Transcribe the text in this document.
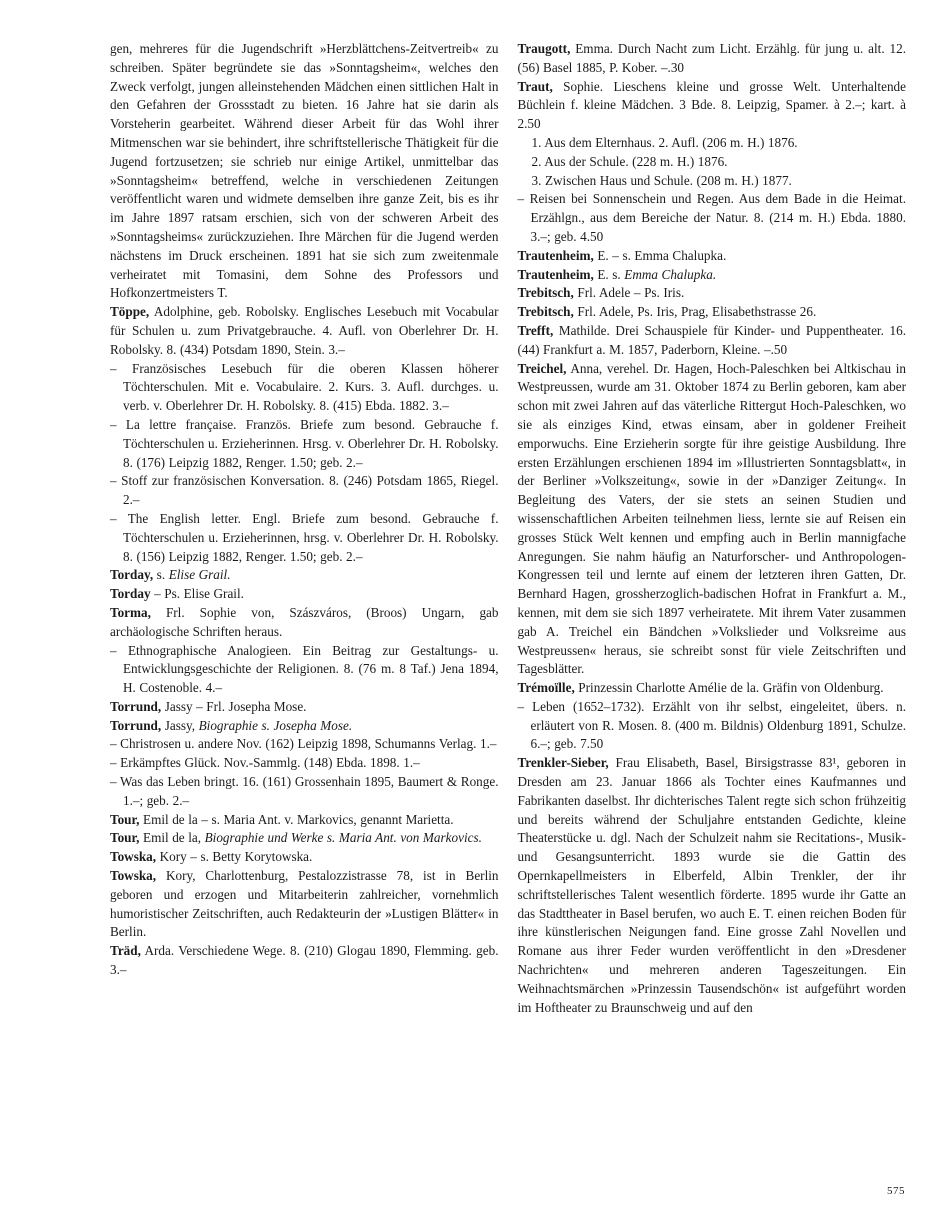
gen, mehreres für die Jugendschrift »Herzblättchens-Zeitvertreib« zu schreiben. Später begründete sie das »Sonntagsheim«, welches den Zweck verfolgt, jungen alleinstehenden Mädchen einen sittlichen Halt in den Gefahren der Grossstadt zu bieten. 16 Jahre hat sie darin als Vorsteherin gearbeitet. Während dieser Arbeit für das Wohl ihrer Mitmenschen war sie behindert, ihre schriftstellerische Thätigkeit für die Jugend fortzusetzen; sie schrieb nur einige Artikel, unmittelbar das »Sonntagsheim« betreffend, welche in verschiedenen Zeitungen veröffentlicht waren und widmete demselben ihre ganze Zeit, bis es ihr im Jahre 1897 ratsam erschien, sich von der schweren Arbeit des »Sonntagsheims« zurückzuziehen. Ihre Märchen für die Jugend werden nächstens im Druck erscheinen. 1891 hat sie sich zum zweitenmale verheiratet mit Tomasini, dem Sohne des Professors und Hofkonzertmeisters T.

Töppe, Adolphine, geb. Robolsky. Englisches Lesebuch mit Vocabular für Schulen u. zum Privatgebrauche. 4. Aufl. von Oberlehrer Dr. H. Robolsky. 8. (434) Potsdam 1890, Stein. 3.–

– Französisches Lesebuch für die oberen Klassen höherer Töchterschulen. Mit e. Vocabulaire. 2. Kurs. 3. Aufl. durchges. u. verb. v. Oberlehrer Dr. H. Robolsky. 8. (415) Ebda. 1882. 3.–

– La lettre française. Französ. Briefe zum besond. Gebrauche f. Töchterschulen u. Erzieherinnen. Hrsg. v. Oberlehrer Dr. H. Robolsky. 8. (176) Leipzig 1882, Renger. 1.50; geb. 2.–

– Stoff zur französischen Konversation. 8. (246) Potsdam 1865, Riegel. 2.–

– The English letter. Engl. Briefe zum besond. Gebrauche f. Töchterschulen u. Erzieherinnen, hrsg. v. Oberlehrer Dr. H. Robolsky. 8. (156) Leipzig 1882, Renger. 1.50; geb. 2.–

Torday, s. Elise Grail.

Torday – Ps. Elise Grail.

Torma, Frl. Sophie von, Szászváros, (Broos) Ungarn, gab archäologische Schriften heraus.

– Ethnographische Analogieen. Ein Beitrag zur Gestaltungs- u. Entwicklungsgeschichte der Religionen. 8. (76 m. 8 Taf.) Jena 1894, H. Costenoble. 4.–

Torrund, Jassy – Frl. Josepha Mose.

Torrund, Jassy, Biographie s. Josepha Mose.

– Christrosen u. andere Nov. (162) Leipzig 1898, Schumanns Verlag. 1.–

– Erkämpftes Glück. Nov.-Sammlg. (148) Ebda. 1898. 1.–

– Was das Leben bringt. 16. (161) Grossenhain 1895, Baumert & Ronge. 1.–; geb. 2.–

Tour, Emil de la – s. Maria Ant. v. Markovics, genannt Marietta.

Tour, Emil de la, Biographie und Werke s. Maria Ant. von Markovics.

Towska, Kory – s. Betty Korytowska.

Towska, Kory, Charlottenburg, Pestalozzistrasse 78, ist in Berlin geboren und erzogen und Mitarbeiterin zahlreicher, vornehmlich humoristischer Zeitschriften, auch Redakteurin der »Lustigen Blätter« in Berlin.

Träd, Arda. Verschiedene Wege. 8. (210) Glogau 1890, Flemming. geb. 3.–

Traugott, Emma. Durch Nacht zum Licht. Erzählg. für jung u. alt. 12. (56) Basel 1885, P. Kober. –.30

Traut, Sophie. Lieschens kleine und grosse Welt. Unterhaltende Büchlein f. kleine Mädchen. 3 Bde. 8. Leipzig, Spamer. à 2.–; kart. à 2.50

1. Aus dem Elternhaus. 2. Aufl. (206 m. H.) 1876.

2. Aus der Schule. (228 m. H.) 1876.

3. Zwischen Haus und Schule. (208 m. H.) 1877.

– Reisen bei Sonnenschein und Regen. Aus dem Bade in die Heimat. Erzählgn., aus dem Bereiche der Natur. 8. (214 m. H.) Ebda. 1880. 3.–; geb. 4.50

Trautenheim, E. – s. Emma Chalupka.

Trautenheim, E. s. Emma Chalupka.

Trebitsch, Frl. Adele – Ps. Iris.

Trebitsch, Frl. Adele, Ps. Iris, Prag, Elisabethstrasse 26.

Trefft, Mathilde. Drei Schauspiele für Kinder- und Puppentheater. 16. (44) Frankfurt a. M. 1857, Paderborn, Kleine. –.50

Treichel, Anna, verehel. Dr. Hagen, Hoch-Paleschken bei Altkischau in Westpreussen, wurde am 31. Oktober 1874 zu Berlin geboren, kam aber schon mit zwei Jahren auf das väterliche Rittergut Hoch-Paleschken, wo sie als einziges Kind, etwas einsam, aber in goldener Freiheit emporwuchs. Eine Erzieherin sorgte für ihre geistige Ausbildung. Ihre ersten Erzählungen erschienen 1894 im »Illustrierten Sonntagsblatt«, in der Berliner »Volkszeitung«, sowie in der »Danziger Zeitung«. In Begleitung des Vaters, der sie stets an seinen Studien und wissenschaftlichen Arbeiten teilnehmen liess, lernte sie auf Reisen ein grosses Stück Welt kennen und empfing auch in Berlin mannigfache Anregungen. Sie nahm häufig an Naturforscher- und Anthropologen-Kongressen teil und lernte auf einem der letzteren ihren Gatten, Dr. Bernhard Hagen, grossherzoglich-badischen Hofrat in Frankfurt a. M., kennen, mit dem sie sich 1897 verheiratete. Mit ihrem Vater zusammen gab A. Treichel ein Bändchen »Volkslieder und Volksreime aus Westpreussen« heraus, sie schreibt sonst für viele Zeitschriften und Tagesblätter.

Trémoïlle, Prinzessin Charlotte Amélie de la. Gräfin von Oldenburg.

– Leben (1652–1732). Erzählt von ihr selbst, eingeleitet, übers. n. erläutert von R. Mosen. 8. (400 m. Bildnis) Oldenburg 1891, Schulze. 6.–; geb. 7.50

Trenkler-Sieber, Frau Elisabeth, Basel, Birsigstrasse 83¹, geboren in Dresden am 23. Januar 1866 als Tochter eines Kaufmannes und Fabrikanten daselbst. Ihr dichterisches Talent regte sich schon frühzeitig und bereits während der Schuljahre entstanden Gedichte, kleine Theaterstücke u. dgl. Nach der Schulzeit nahm sie Recitations-, Musik- und Gesangsunterricht. 1893 wurde sie die Gattin des Opernkapellmeisters in Elberfeld, Albin Trenkler, der ihr schriftstellerisches Talent wesentlich förderte. 1895 wurde ihr Gatte an das Stadttheater in Basel berufen, wo auch E. T. einen reichen Boden für ihre künstlerischen Neigungen fand. Eine grosse Zahl Novellen und Romane aus ihrer Feder wurden veröffentlicht in den »Dresdener Nachrichten« und mehreren anderen Tageszeitungen. Ein Weihnachtsmärchen »Prinzessin Tausendschön« ist aufgeführt worden im Hoftheater zu Braunschweig und auf den

575
